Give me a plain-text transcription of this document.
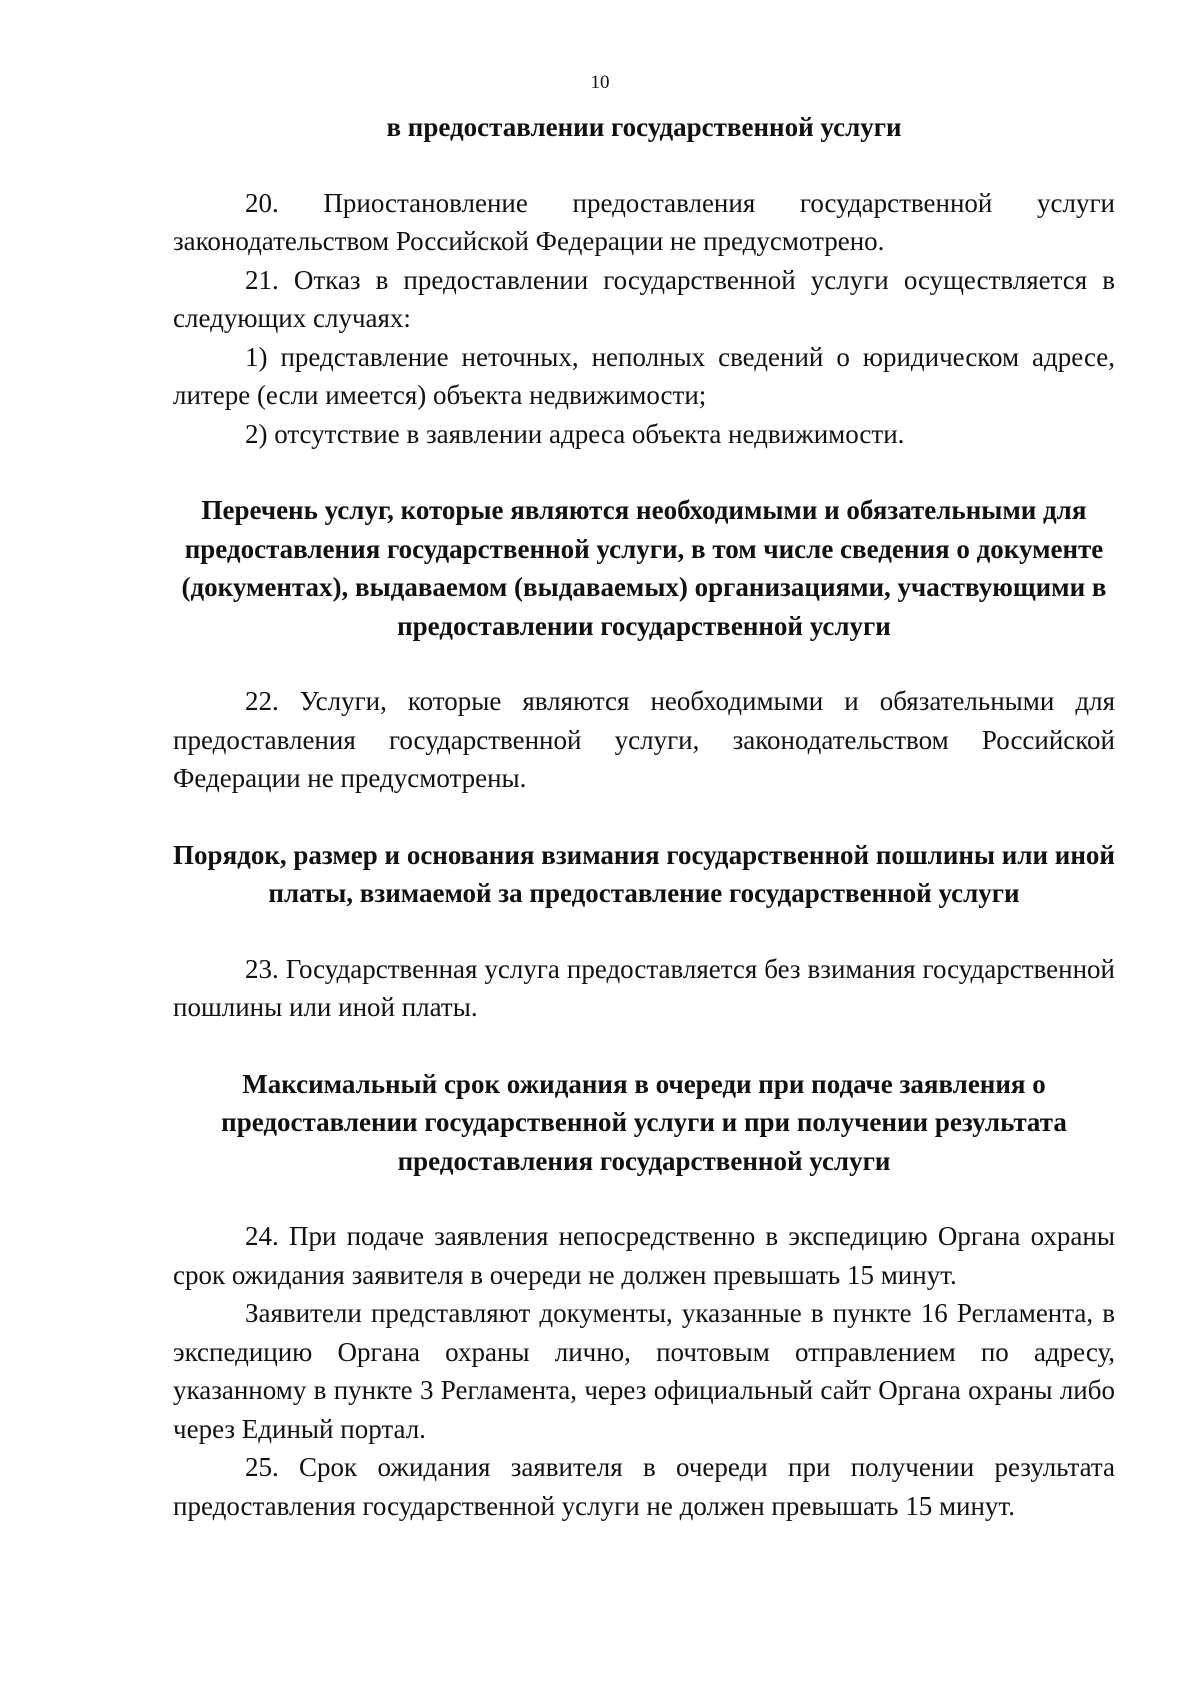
10

в предоставлении государственной услуги

20. Приостановление предоставления государственной услуги законодательством Российской Федерации не предусмотрено.

21. Отказ в предоставлении государственной услуги осуществляется в следующих случаях:

1) представление неточных, неполных сведений о юридическом адресе, литере (если имеется) объекта недвижимости;

2) отсутствие в заявлении адреса объекта недвижимости.

Перечень услуг, которые являются необходимыми и обязательными для предоставления государственной услуги, в том числе сведения о документе (документах), выдаваемом (выдаваемых) организациями, участвующими в предоставлении государственной услуги

22. Услуги, которые являются необходимыми и обязательными для предоставления государственной услуги, законодательством Российской Федерации не предусмотрены.

Порядок, размер и основания взимания государственной пошлины или иной платы, взимаемой за предоставление государственной услуги

23. Государственная услуга предоставляется без взимания государственной пошлины или иной платы.

Максимальный срок ожидания в очереди при подаче заявления о предоставлении государственной услуги и при получении результата предоставления государственной услуги

24. При подаче заявления непосредственно в экспедицию Органа охраны срок ожидания заявителя в очереди не должен превышать 15 минут.

Заявители представляют документы, указанные в пункте 16 Регламента, в экспедицию Органа охраны лично, почтовым отправлением по адресу, указанному в пункте 3 Регламента, через официальный сайт Органа охраны либо через Единый портал.

25. Срок ожидания заявителя в очереди при получении результата предоставления государственной услуги не должен превышать 15 минут.
